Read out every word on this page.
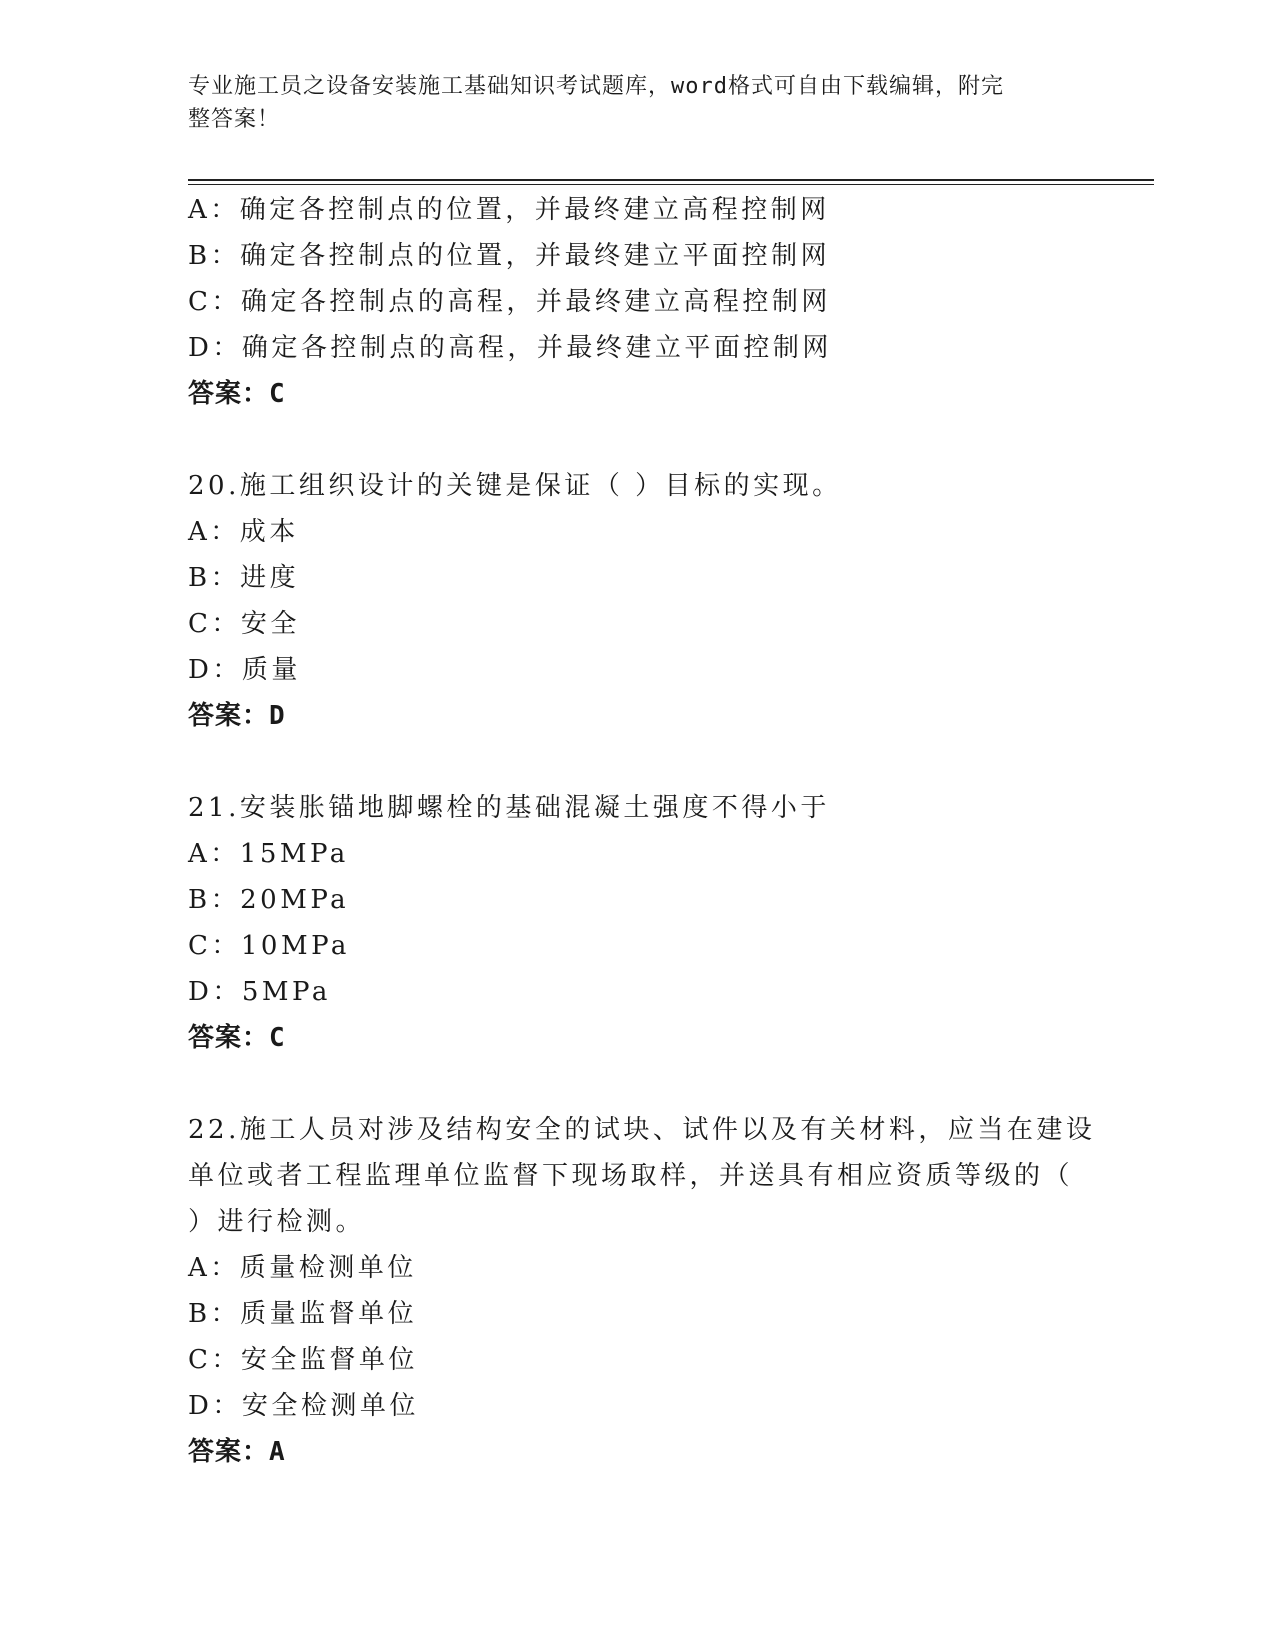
专业施工员之设备安装施工基础知识考试题库，word格式可自由下载编辑，附完
整答案！
A：确定各控制点的位置，并最终建立高程控制网
B：确定各控制点的位置，并最终建立平面控制网
C：确定各控制点的高程，并最终建立高程控制网
D：确定各控制点的高程，并最终建立平面控制网
答案：C
20.施工组织设计的关键是保证（ ）目标的实现。
A：成本
B：进度
C：安全
D：质量
答案：D
21.安装胀锚地脚螺栓的基础混凝土强度不得小于
A：15MPa
B：20MPa
C：10MPa
D：5MPa
答案：C
22.施工人员对涉及结构安全的试块、试件以及有关材料，应当在建设
单位或者工程监理单位监督下现场取样，并送具有相应资质等级的（
）进行检测。
A：质量检测单位
B：质量监督单位
C：安全监督单位
D：安全检测单位
答案：A
